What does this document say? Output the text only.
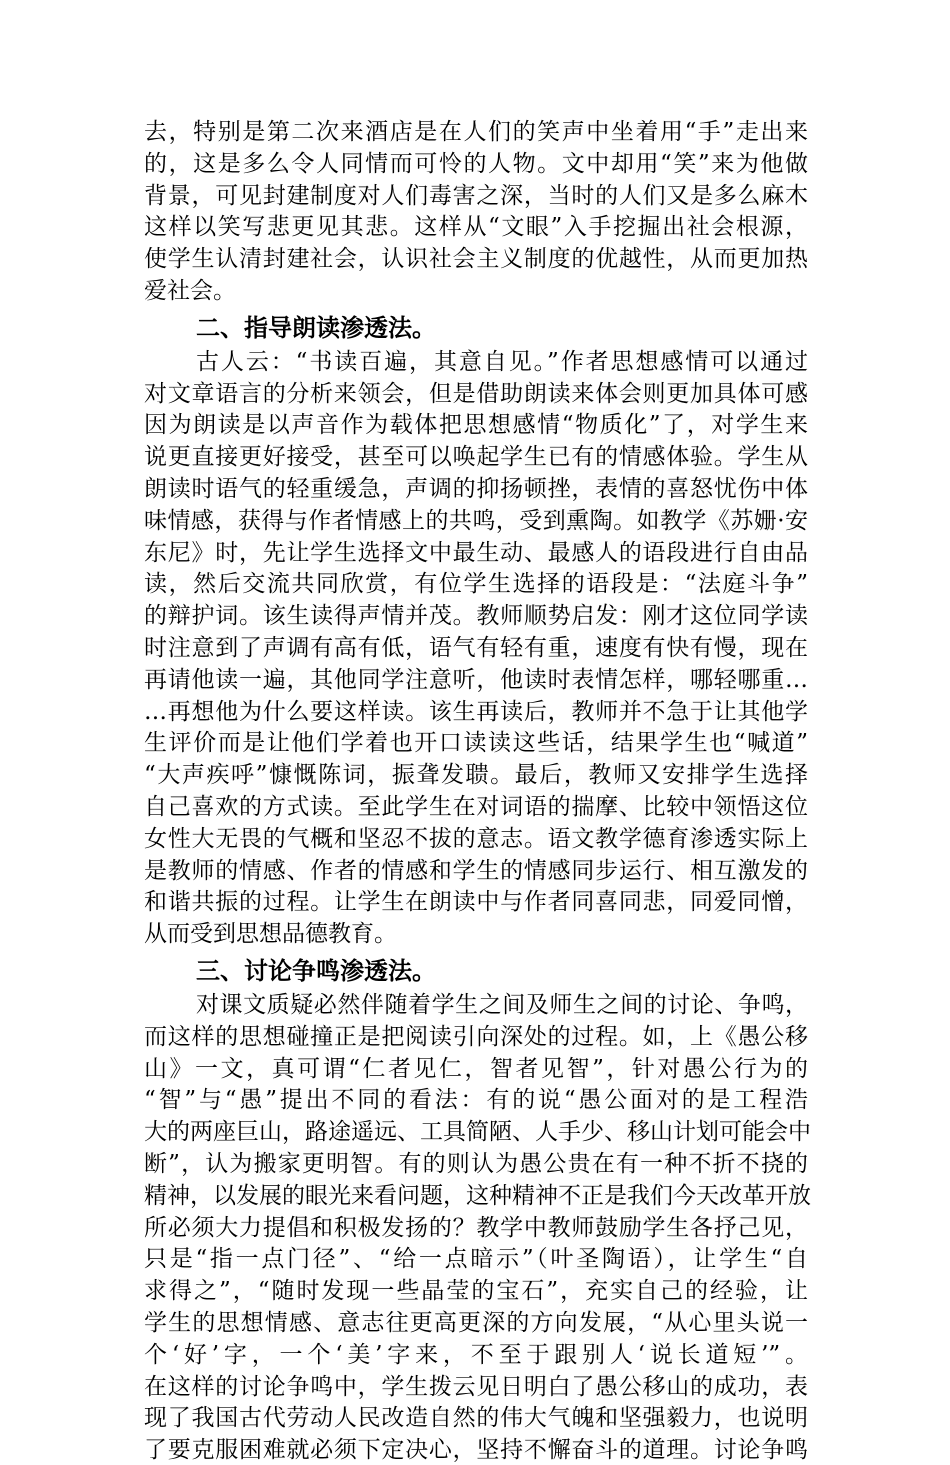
去，特别是第二次来酒店是在人们的笑声中坐着用“手”走出来
的，这是多么令人同情而可怜的人物。文中却用“笑”来为他做
背景，可见封建制度对人们毒害之深，当时的人们又是多么麻木
这样以笑写悲更见其悲。这样从“文眼”入手挖掘出社会根源，
使学生认清封建社会，认识社会主义制度的优越性，从而更加热
爱社会。
二、指导朗读渗透法。
古人云：“书读百遍，其意自见。”作者思想感情可以通过
对文章语言的分析来领会，但是借助朗读来体会则更加具体可感
因为朗读是以声音作为载体把思想感情“物质化”了，对学生来
说更直接更好接受，甚至可以唤起学生已有的情感体验。学生从
朗读时语气的轻重缓急，声调的抑扬顿挫，表情的喜怒忧伤中体
味情感，获得与作者情感上的共鸣，受到熏陶。如教学《苏姗·安
东尼》时，先让学生选择文中最生动、最感人的语段进行自由品
读，然后交流共同欣赏，有位学生选择的语段是：“法庭斗争”
的辩护词。该生读得声情并茂。教师顺势启发：刚才这位同学读
时注意到了声调有高有低，语气有轻有重，速度有快有慢，现在
再请他读一遍，其他同学注意听，他读时表情怎样，哪轻哪重…
…再想他为什么要这样读。该生再读后，教师并不急于让其他学
生评价而是让他们学着也开口读读这些话，结果学生也“喊道”
“大声疾呼”慷慨陈词，振聋发聩。最后，教师又安排学生选择
自己喜欢的方式读。至此学生在对词语的揣摩、比较中领悟这位
女性大无畏的气概和坚忍不拔的意志。语文教学德育渗透实际上
是教师的情感、作者的情感和学生的情感同步运行、相互激发的
和谐共振的过程。让学生在朗读中与作者同喜同悲，同爱同憎，
从而受到思想品德教育。
三、讨论争鸣渗透法。
对课文质疑必然伴随着学生之间及师生之间的讨论、争鸣，
而这样的思想碰撞正是把阅读引向深处的过程。如，上《愚公移
山》一文，真可谓“仁者见仁，智者见智”，针对愚公行为的
“智”与“愚”提出不同的看法：有的说“愚公面对的是工程浩
大的两座巨山，路途遥远、工具简陋、人手少、移山计划可能会中
断”，认为搬家更明智。有的则认为愚公贵在有一种不折不挠的
精神，以发展的眼光来看问题，这种精神不正是我们今天改革开放
所必须大力提倡和积极发扬的？教学中教师鼓励学生各抒己见，
只是“指一点门径”、“给一点暗示”（叶圣陶语），让学生“自
求得之”，“随时发现一些晶莹的宝石”，充实自己的经验，让
学生的思想情感、意志往更高更深的方向发展，“从心里头说一
个‘好’字，一个‘美’字来，不至于跟别人‘说长道短’”。
在这样的讨论争鸣中，学生拨云见日明白了愚公移山的成功，表
现了我国古代劳动人民改造自然的伟大气魄和坚强毅力，也说明
了要克服困难就必须下定决心，坚持不懈奋斗的道理。讨论争鸣
